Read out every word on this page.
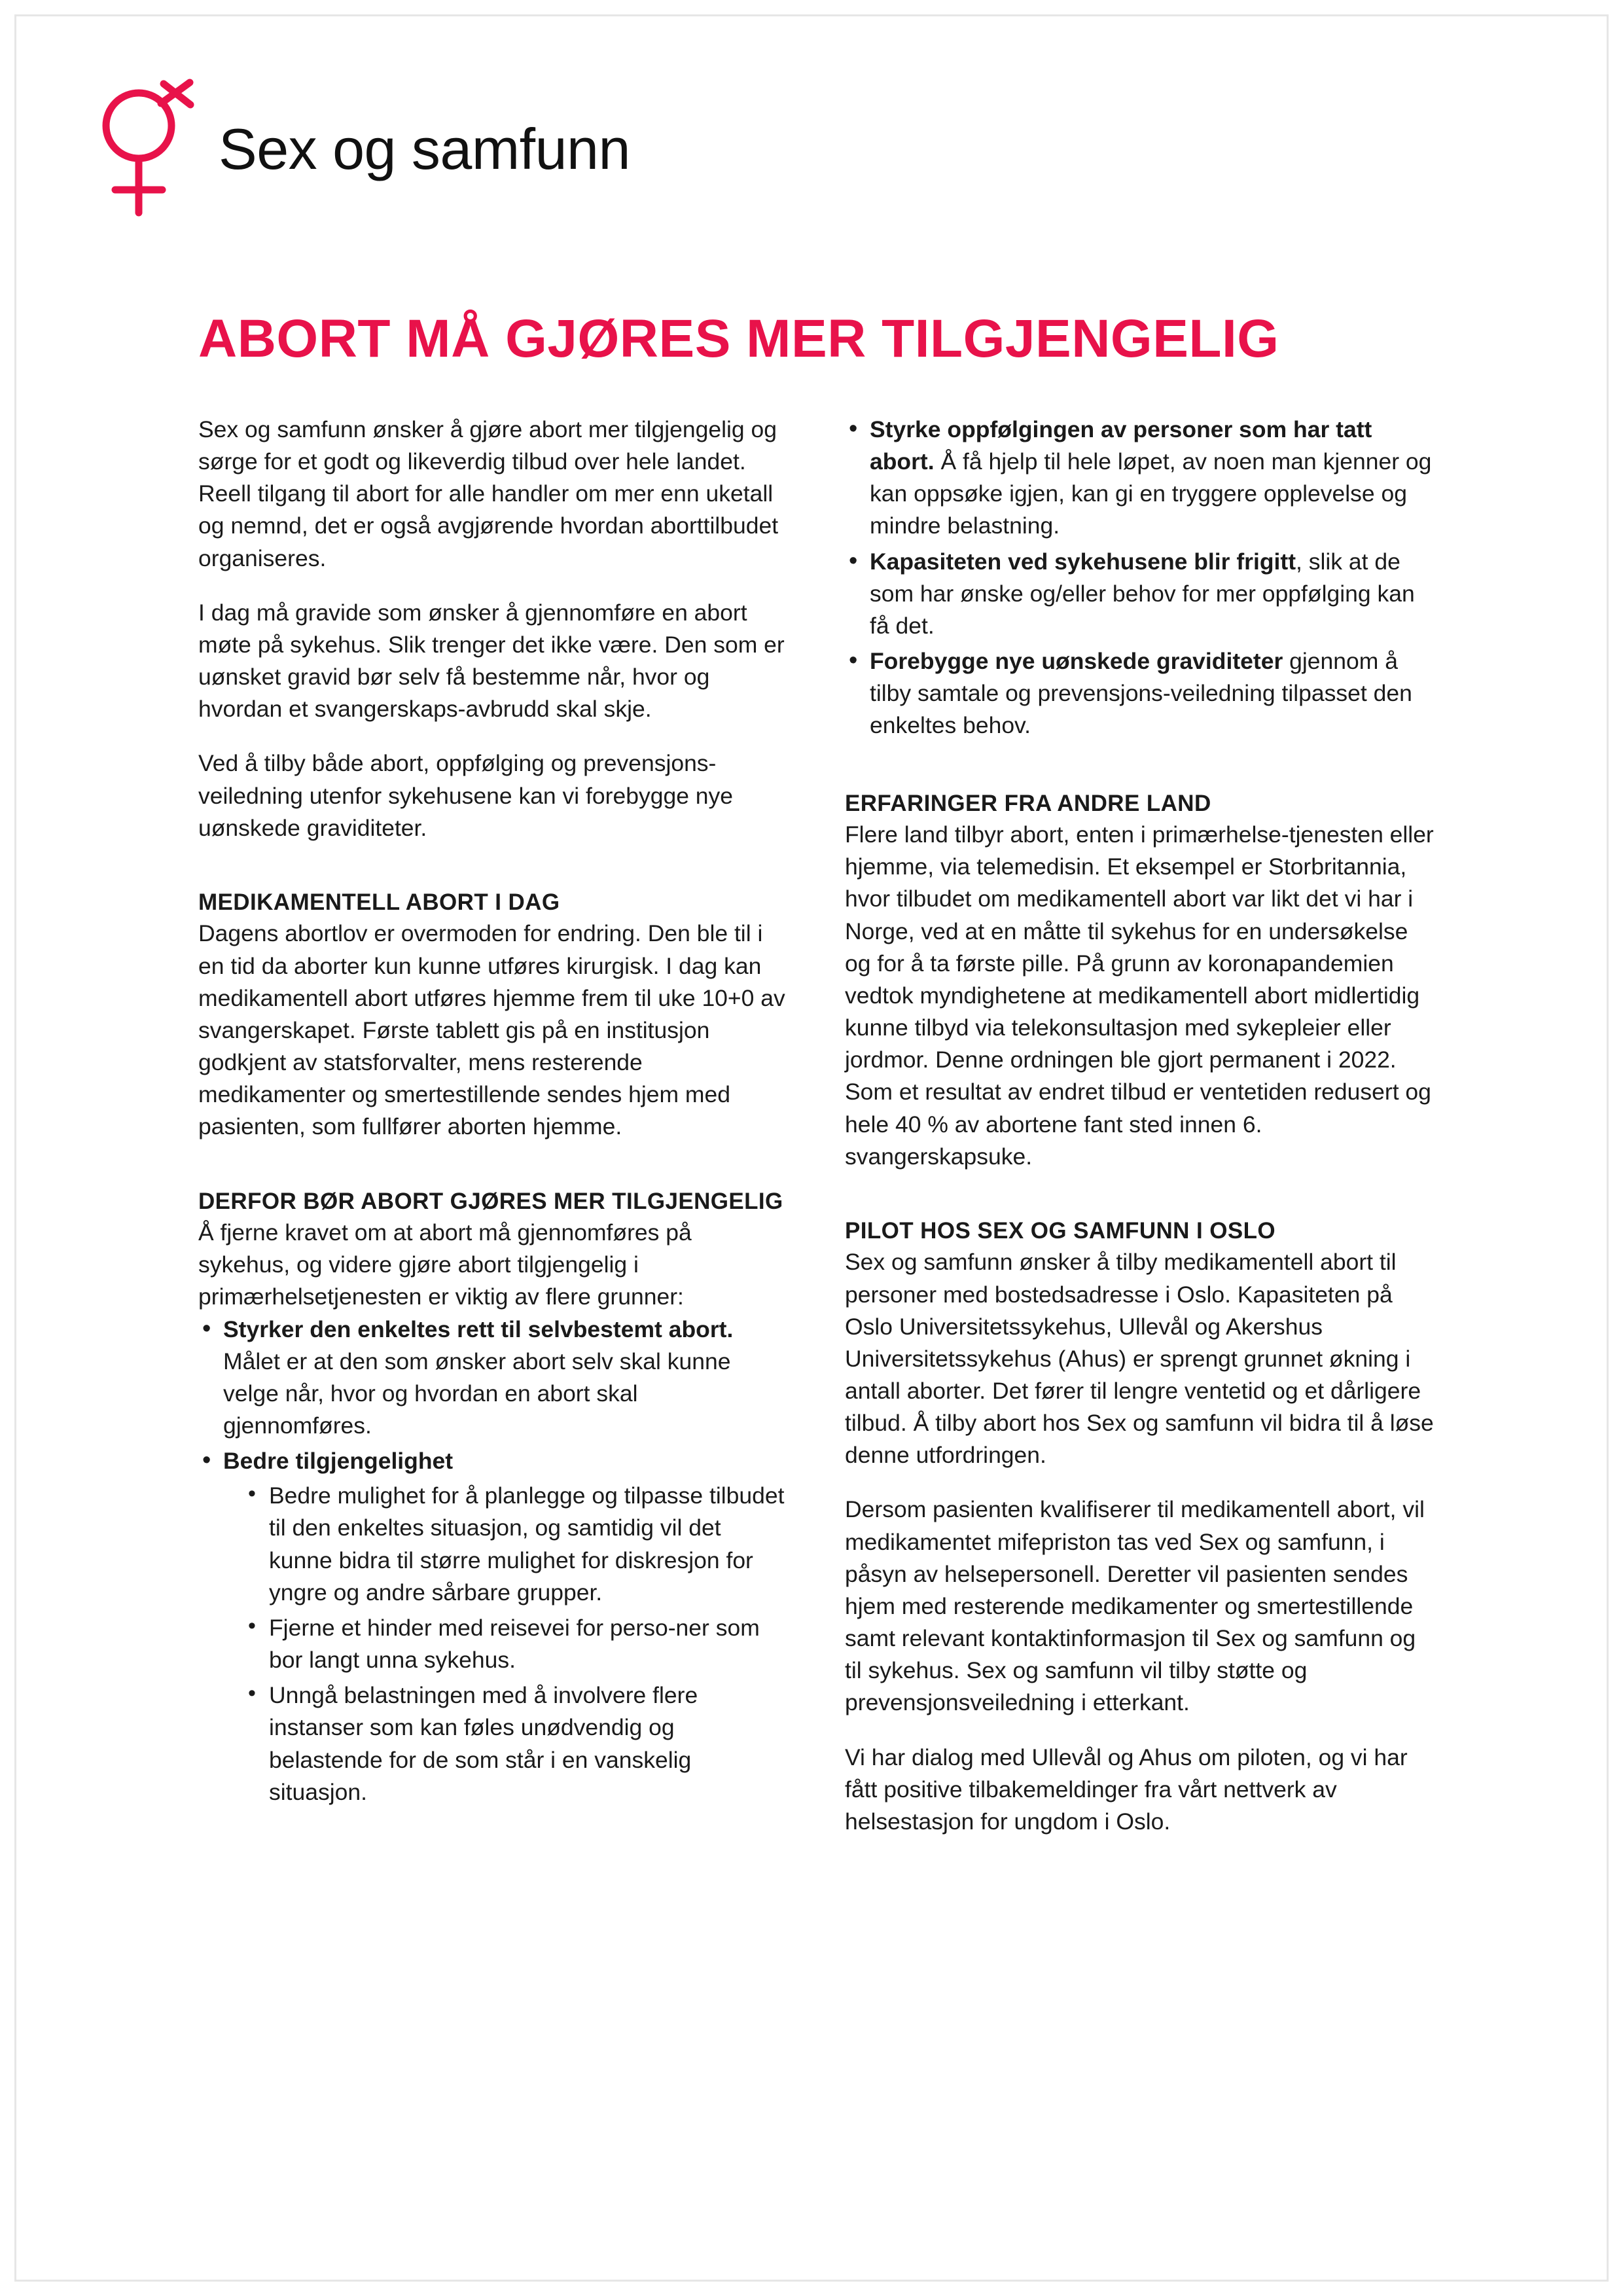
Sex og samfunn
ABORT MÅ GJØRES MER TILGJENGELIG

Sex og samfunn ønsker å gjøre abort mer tilgjengelig og sørge for et godt og likeverdig tilbud over hele landet. Reell tilgang til abort for alle handler om mer enn uketall og nemnd, det er også avgjørende hvordan aborttilbudet organiseres.

I dag må gravide som ønsker å gjennomføre en abort møte på sykehus. Slik trenger det ikke være. Den som er uønsket gravid bør selv få bestemme når, hvor og hvordan et svangerskaps-avbrudd skal skje.

Ved å tilby både abort, oppfølging og prevensjons-veiledning utenfor sykehusene kan vi forebygge nye uønskede graviditeter.

MEDIKAMENTELL ABORT I DAG

Dagens abortlov er overmoden for endring. Den ble til i en tid da aborter kun kunne utføres kirurgisk. I dag kan medikamentell abort utføres hjemme frem til uke 10+0 av svangerskapet. Første tablett gis på en institusjon godkjent av statsforvalter, mens resterende medikamenter og smertestillende sendes hjem med pasienten, som fullfører aborten hjemme.

DERFOR BØR ABORT GJØRES MER TILGJENGELIG

Å fjerne kravet om at abort må gjennomføres på sykehus, og videre gjøre abort tilgjengelig i primærhelsetjenesten er viktig av flere grunner:

• Styrker den enkeltes rett til selvbestemt abort. Målet er at den som ønsker abort selv skal kunne velge når, hvor og hvordan en abort skal gjennomføres.
• Bedre tilgjengelighet
• Bedre mulighet for å planlegge og tilpasse tilbudet til den enkeltes situasjon, og samtidig vil det kunne bidra til større mulighet for diskresjon for yngre og andre sårbare grupper.
• Fjerne et hinder med reisevei for perso-ner som bor langt unna sykehus.
• Unngå belastningen med å involvere flere instanser som kan føles unødvendig og belastende for de som står i en vanskelig situasjon.
• Styrke oppfølgingen av personer som har tatt abort. Å få hjelp til hele løpet, av noen man kjenner og kan oppsøke igjen, kan gi en tryggere opplevelse og mindre belastning.
• Kapasiteten ved sykehusene blir frigitt, slik at de som har ønske og/eller behov for mer oppfølging kan få det.
• Forebygge nye uønskede graviditeter gjennom å tilby samtale og prevensjons-veiledning tilpasset den enkeltes behov.
ERFARINGER FRA ANDRE LAND

Flere land tilbyr abort, enten i primærhelse-tjenesten eller hjemme, via telemedisin. Et eksempel er Storbritannia, hvor tilbudet om medikamentell abort var likt det vi har i Norge, ved at en måtte til sykehus for en undersøkelse og for å ta første pille. På grunn av koronapandemien vedtok myndighetene at medikamentell abort midlertidig kunne tilbyd via telekonsultasjon med sykepleier eller jordmor. Denne ordningen ble gjort permanent i 2022. Som et resultat av endret tilbud er ventetiden redusert og hele 40 % av abortene fant sted innen 6. svangerskapsuke.

PILOT HOS SEX OG SAMFUNN I OSLO

Sex og samfunn ønsker å tilby medikamentell abort til personer med bostedsadresse i Oslo. Kapasiteten på Oslo Universitetssykehus, Ullevål og Akershus Universitetssykehus (Ahus) er sprengt grunnet økning i antall aborter. Det fører til lengre ventetid og et dårligere tilbud. Å tilby abort hos Sex og samfunn vil bidra til å løse denne utfordringen.

Dersom pasienten kvalifiserer til medikamentell abort, vil medikamentet mifepriston tas ved Sex og samfunn, i påsyn av helsepersonell. Deretter vil pasienten sendes hjem med resterende medikamenter og smertestillende samt relevant kontaktinformasjon til Sex og samfunn og til sykehus. Sex og samfunn vil tilby støtte og prevensjonsveiledning i etterkant.

Vi har dialog med Ullevål og Ahus om piloten, og vi har fått positive tilbakemeldinger fra vårt nettverk av helsestasjon for ungdom i Oslo.
